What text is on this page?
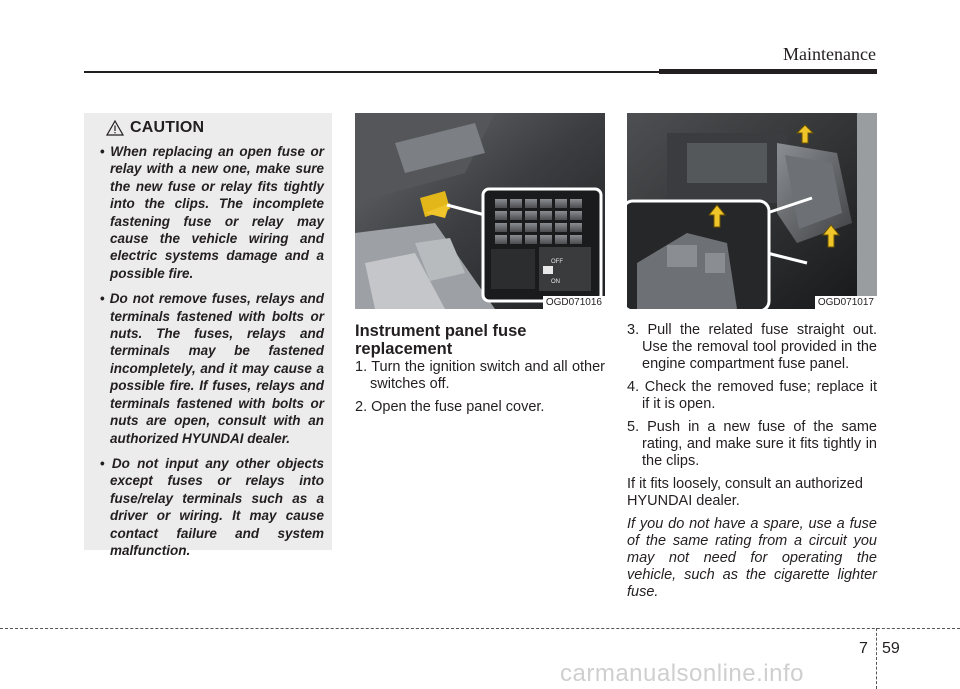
Maintenance
CAUTION
• When replacing an open fuse or relay with a new one, make sure the new fuse or relay fits tightly into the clips. The incomplete fastening fuse or relay may cause the vehicle wiring and electric systems damage and a possible fire.
• Do not remove fuses, relays and terminals fastened with bolts or nuts. The fuses, relays and terminals may be fastened incompletely, and it may cause a possible fire. If fuses, relays and terminals fastened with bolts or nuts are open, consult with an authorized HYUNDAI dealer.
• Do not input any other objects except fuses or relays into fuse/relay terminals such as a driver or wiring. It may cause contact failure and system malfunction.
OFF
ON
OGD071016	OGD071017
Instrument panel fuse replacement
1. Turn the ignition switch and all other switches off.
2. Open the fuse panel cover.
3. Pull the related fuse straight out. Use the removal tool provided in the engine compartment fuse panel.
4. Check the removed fuse; replace it if it is open.
5. Push in a new fuse of the same rating, and make sure it fits tightly in the clips.
If it fits loosely, consult an authorized HYUNDAI dealer.
If you do not have a spare, use a fuse of the same rating from a circuit you may not need for operating the vehicle, such as the cigarette lighter fuse.
7 59
carmanualsonline.info
